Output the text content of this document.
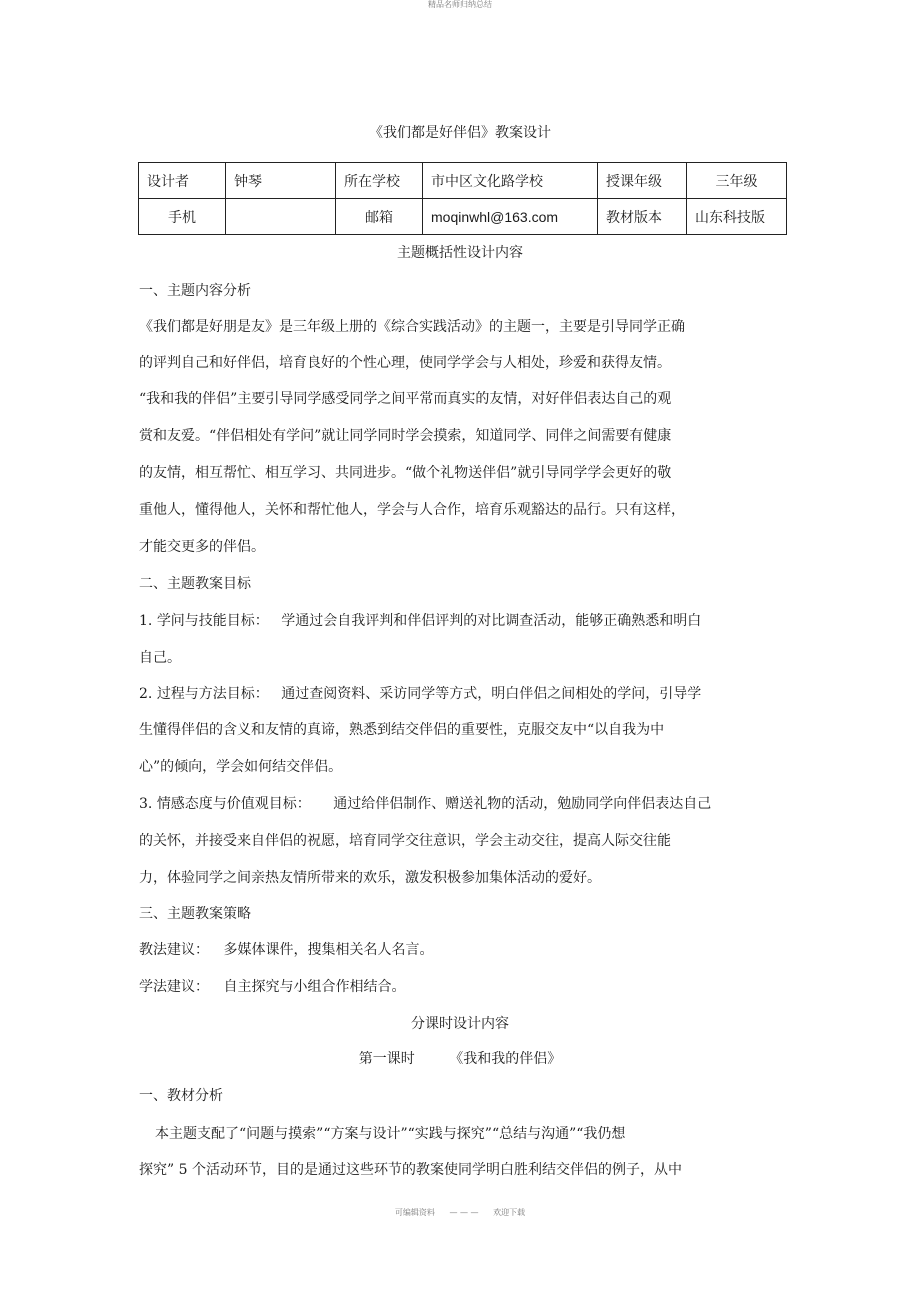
精品名师归纳总结
《我们都是好伴侣》教案设计
设计者	钟琴	所在学校	市中区文化路学校	授课年级	三年级
手机		邮箱	moqinwhl@163.com	教材版本	山东科技版
主题概括性设计内容
一、主题内容分析
《我们都是好朋是友》是三年级上册的《综合实践活动》的主题一，主要是引导同学正确
的评判自己和好伴侣，培育良好的个性心理，使同学学会与人相处，珍爱和获得友情。
“我和我的伴侣”主要引导同学感受同学之间平常而真实的友情，对好伴侣表达自己的观
赏和友爱。“伴侣相处有学问”就让同学同时学会摸索，知道同学、同伴之间需要有健康
的友情，相互帮忙、相互学习、共同进步。“做个礼物送伴侣”就引导同学学会更好的敬
重他人，懂得他人，关怀和帮忙他人，学会与人合作，培育乐观豁达的品行。只有这样，
才能交更多的伴侣。
二、主题教案目标
1. 学问与技能目标： 学通过会自我评判和伴侣评判的对比调查活动，能够正确熟悉和明白
自己。
2. 过程与方法目标： 通过查阅资料、采访同学等方式，明白伴侣之间相处的学问，引导学
生懂得伴侣的含义和友情的真谛，熟悉到结交伴侣的重要性，克服交友中“以自我为中
心”的倾向，学会如何结交伴侣。
3. 情感态度与价值观目标： 通过给伴侣制作、赠送礼物的活动，勉励同学向伴侣表达自己
的关怀，并接受来自伴侣的祝愿，培育同学交往意识，学会主动交往，提高人际交往能
力，体验同学之间亲热友情所带来的欢乐，激发积极参加集体活动的爱好。
三、主题教案策略
教法建议： 多媒体课件，搜集相关名人名言。
学法建议： 自主探究与小组合作相结合。
分课时设计内容
第一课时 《我和我的伴侣》
一、教材分析
本主题支配了“问题与摸索”“方案与设计”“实践与探究”“总结与沟通”“我仍想
探究” 5 个活动环节，目的是通过这些环节的教案使同学明白胜利结交伴侣的例子，从中
可编辑资料 — — — 欢迎下载
